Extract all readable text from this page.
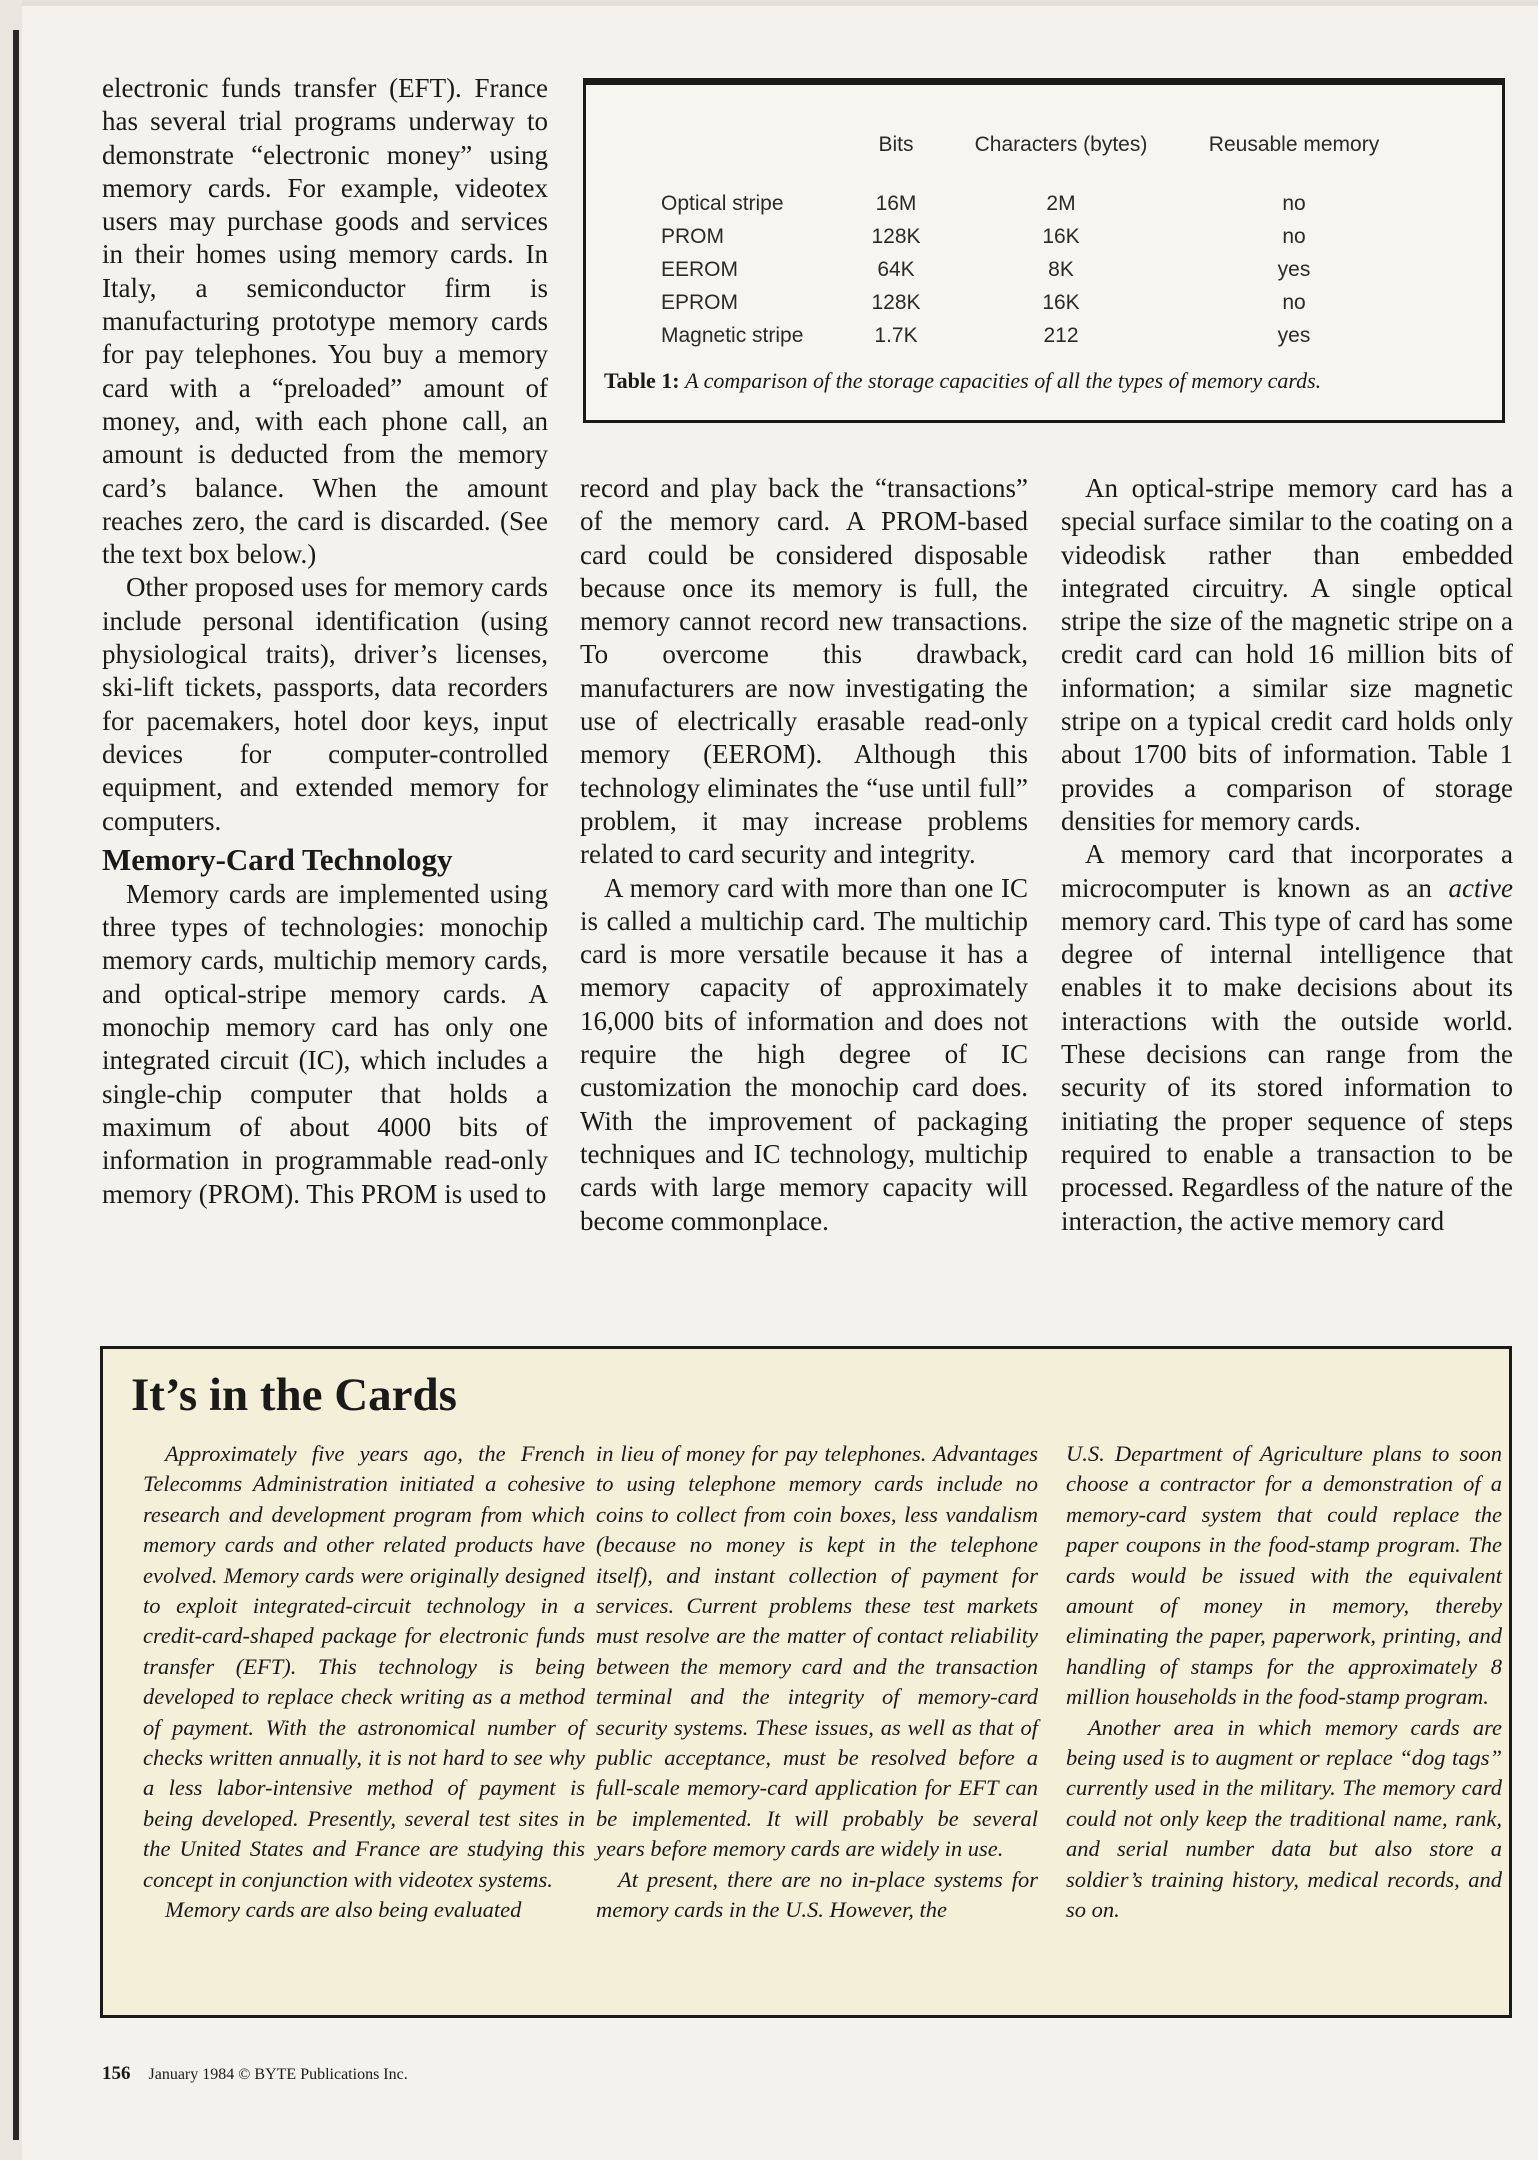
electronic funds transfer (EFT). France has several trial programs underway to demonstrate “electronic money” using memory cards. For example, videotex users may purchase goods and services in their homes using memory cards. In Italy, a semiconductor firm is manufacturing prototype memory cards for pay telephones. You buy a memory card with a “preloaded” amount of money, and, with each phone call, an amount is deducted from the memory card’s balance. When the amount reaches zero, the card is discarded. (See the text box below.)

Other proposed uses for memory cards include personal identification (using physiological traits), driver’s licenses, ski-lift tickets, passports, data recorders for pacemakers, hotel door keys, input devices for computer-controlled equipment, and extended memory for computers.

Memory-Card Technology

Memory cards are implemented using three types of technologies: monochip memory cards, multichip memory cards, and optical-stripe memory cards. A monochip memory card has only one integrated circuit (IC), which includes a single-chip computer that holds a maximum of about 4000 bits of information in programmable read-only memory (PROM). This PROM is used to

	Bits	Characters (bytes)	Reusable memory
Optical stripe	16M	2M	no
PROM	128K	16K	no
EEROM	64K	8K	yes
EPROM	128K	16K	no
Magnetic stripe	1.7K	212	yes
Table 1: A comparison of the storage capacities of all the types of memory cards.

record and play back the “transactions” of the memory card. A PROM-based card could be considered disposable because once its memory is full, the memory cannot record new transactions. To overcome this drawback, manufacturers are now investigating the use of electrically erasable read-only memory (EEROM). Although this technology eliminates the “use until full” problem, it may increase problems related to card security and integrity.

A memory card with more than one IC is called a multichip card. The multichip card is more versatile because it has a memory capacity of approximately 16,000 bits of information and does not require the high degree of IC customization the monochip card does. With the improvement of packaging techniques and IC technology, multichip cards with large memory capacity will become commonplace.

An optical-stripe memory card has a special surface similar to the coating on a videodisk rather than embedded integrated circuitry. A single optical stripe the size of the magnetic stripe on a credit card can hold 16 million bits of information; a similar size magnetic stripe on a typical credit card holds only about 1700 bits of information. Table 1 provides a comparison of storage densities for memory cards.

A memory card that incorporates a microcomputer is known as an active memory card. This type of card has some degree of internal intelligence that enables it to make decisions about its interactions with the outside world. These decisions can range from the security of its stored information to initiating the proper sequence of steps required to enable a transaction to be processed. Regardless of the nature of the interaction, the active memory card

It’s in the Cards

Approximately five years ago, the French Telecomms Administration initiated a cohesive research and development program from which memory cards and other related products have evolved. Memory cards were originally designed to exploit integrated-circuit technology in a credit-card-shaped package for electronic funds transfer (EFT). This technology is being developed to replace check writing as a method of payment. With the astronomical number of checks written annually, it is not hard to see why a less labor-intensive method of payment is being developed. Presently, several test sites in the United States and France are studying this concept in conjunction with videotex systems.

Memory cards are also being evaluated

in lieu of money for pay telephones. Advantages to using telephone memory cards include no coins to collect from coin boxes, less vandalism (because no money is kept in the telephone itself), and instant collection of payment for services. Current problems these test markets must resolve are the matter of contact reliability between the memory card and the transaction terminal and the integrity of memory-card security systems. These issues, as well as that of public acceptance, must be resolved before a full-scale memory-card application for EFT can be implemented. It will probably be several years before memory cards are widely in use.

At present, there are no in-place systems for memory cards in the U.S. However, the

U.S. Department of Agriculture plans to soon choose a contractor for a demonstration of a memory-card system that could replace the paper coupons in the food-stamp program. The cards would be issued with the equivalent amount of money in memory, thereby eliminating the paper, paperwork, printing, and handling of stamps for the approximately 8 million households in the food-stamp program.

Another area in which memory cards are being used is to augment or replace “dog tags” currently used in the military. The memory card could not only keep the traditional name, rank, and serial number data but also store a soldier’s training history, medical records, and so on.

156 January 1984 © BYTE Publications Inc.
